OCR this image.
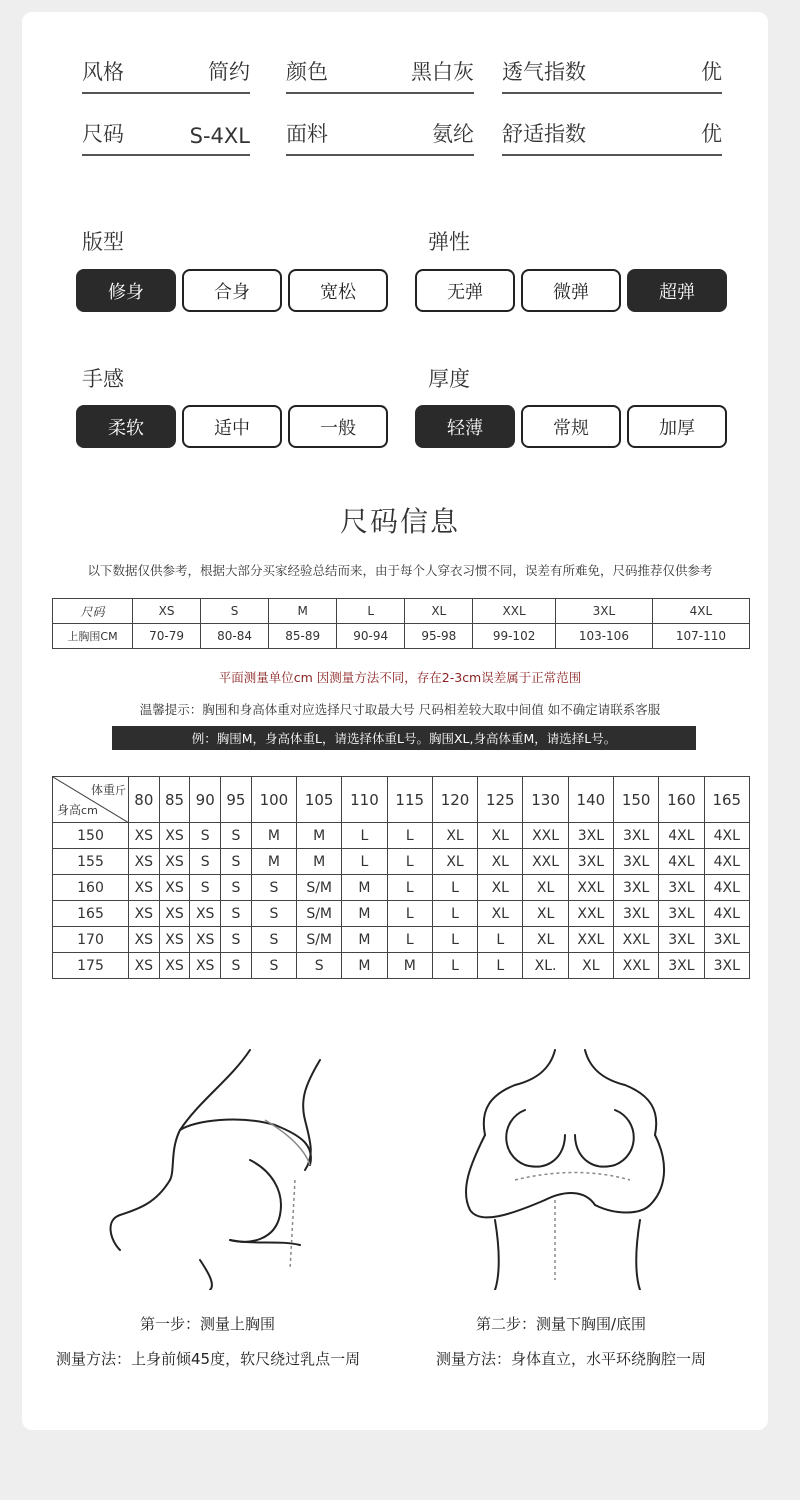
风格	简约 颜色	黑白灰 透气指数	优
尺码	S-4XL 面料	氨纶 舒适指数	优
版型
修身	合身	宽松
弹性
无弹	微弹	超弹
手感
柔软	适中	一般
厚度
轻薄	常规	加厚
尺码信息
以下数据仅供参考，根据大部分买家经验总结而来，由于每个人穿衣习惯不同，误差有所难免，尺码推荐仅供参考
尺码	XS	S	M	L	XL	XXL	3XL	4XL
上胸围CM	70-79	80-84	85-89	90-94	95-98	99-102	103-106	107-110
平面测量单位cm 因测量方法不同，存在2-3cm误差属于正常范围
温馨提示：胸围和身高体重对应选择尺寸取最大号 尺码相差较大取中间值 如不确定请联系客服
例：胸围M，身高体重L，请选择体重L号。胸围XL,身高体重M，请选择L号。
体重斤
身高cm	80	85	90	95	100	105	110	115	120	125	130	140	150	160	165
150	XS	XS	S	S	M	M	L	L	XL	XL	XXL	3XL	3XL	4XL	4XL
155	XS	XS	S	S	M	M	L	L	XL	XL	XXL	3XL	3XL	4XL	4XL
160	XS	XS	S	S	S	S/M	M	L	L	XL	XL	XXL	3XL	3XL	4XL
165	XS	XS	XS	S	S	S/M	M	L	L	XL	XL	XXL	3XL	3XL	4XL
170	XS	XS	XS	S	S	S/M	M	L	L	L	XL	XXL	XXL	3XL	3XL
175	XS	XS	XS	S	S	S	M	M	L	L	XL.	XL	XXL	3XL	3XL
第一步：测量上胸围
测量方法：上身前倾45度，软尺绕过乳点一周
第二步：测量下胸围/底围
测量方法：身体直立，水平环绕胸腔一周
